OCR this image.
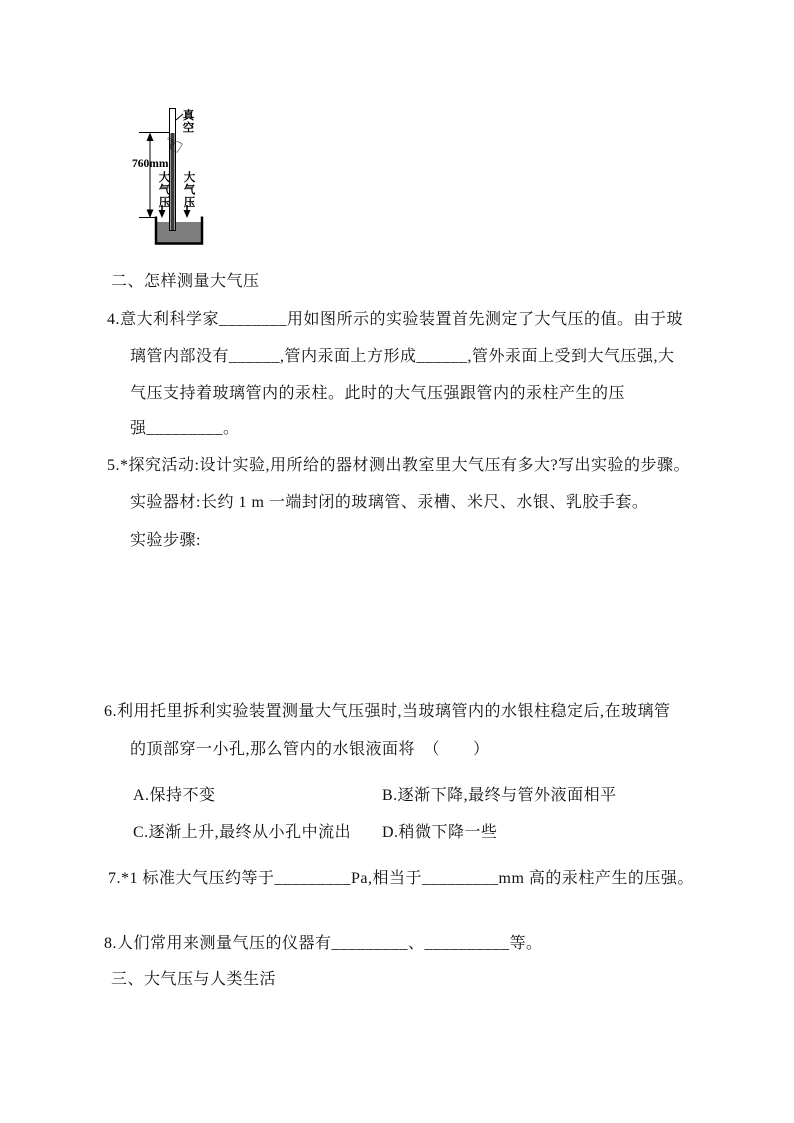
真空
760mm
大气压 大气压
☜
二、怎样测量大气压
4.意大利科学家________用如图所示的实验装置首先测定了大气压的值。由于玻
璃管内部没有______,管内汞面上方形成______,管外汞面上受到大气压强,大
气压支持着玻璃管内的汞柱。此时的大气压强跟管内的汞柱产生的压
强_________。
5.*探究活动:设计实验,用所给的器材测出教室里大气压有多大?写出实验的步骤。
实验器材:长约 1 m 一端封闭的玻璃管、汞槽、米尺、水银、乳胶手套。
实验步骤:
6.利用托里拆利实验装置测量大气压强时,当玻璃管内的水银柱稳定后,在玻璃管
的顶部穿一小孔,那么管内的水银液面将　（　　）
A.保持不变	B.逐渐下降,最终与管外液面相平
C.逐渐上升,最终从小孔中流出 D.稍微下降一些
7.*1 标准大气压约等于_________Pa,相当于_________mm 高的汞柱产生的压强。
8.人们常用来测量气压的仪器有_________、__________等。
三、大气压与人类生活
